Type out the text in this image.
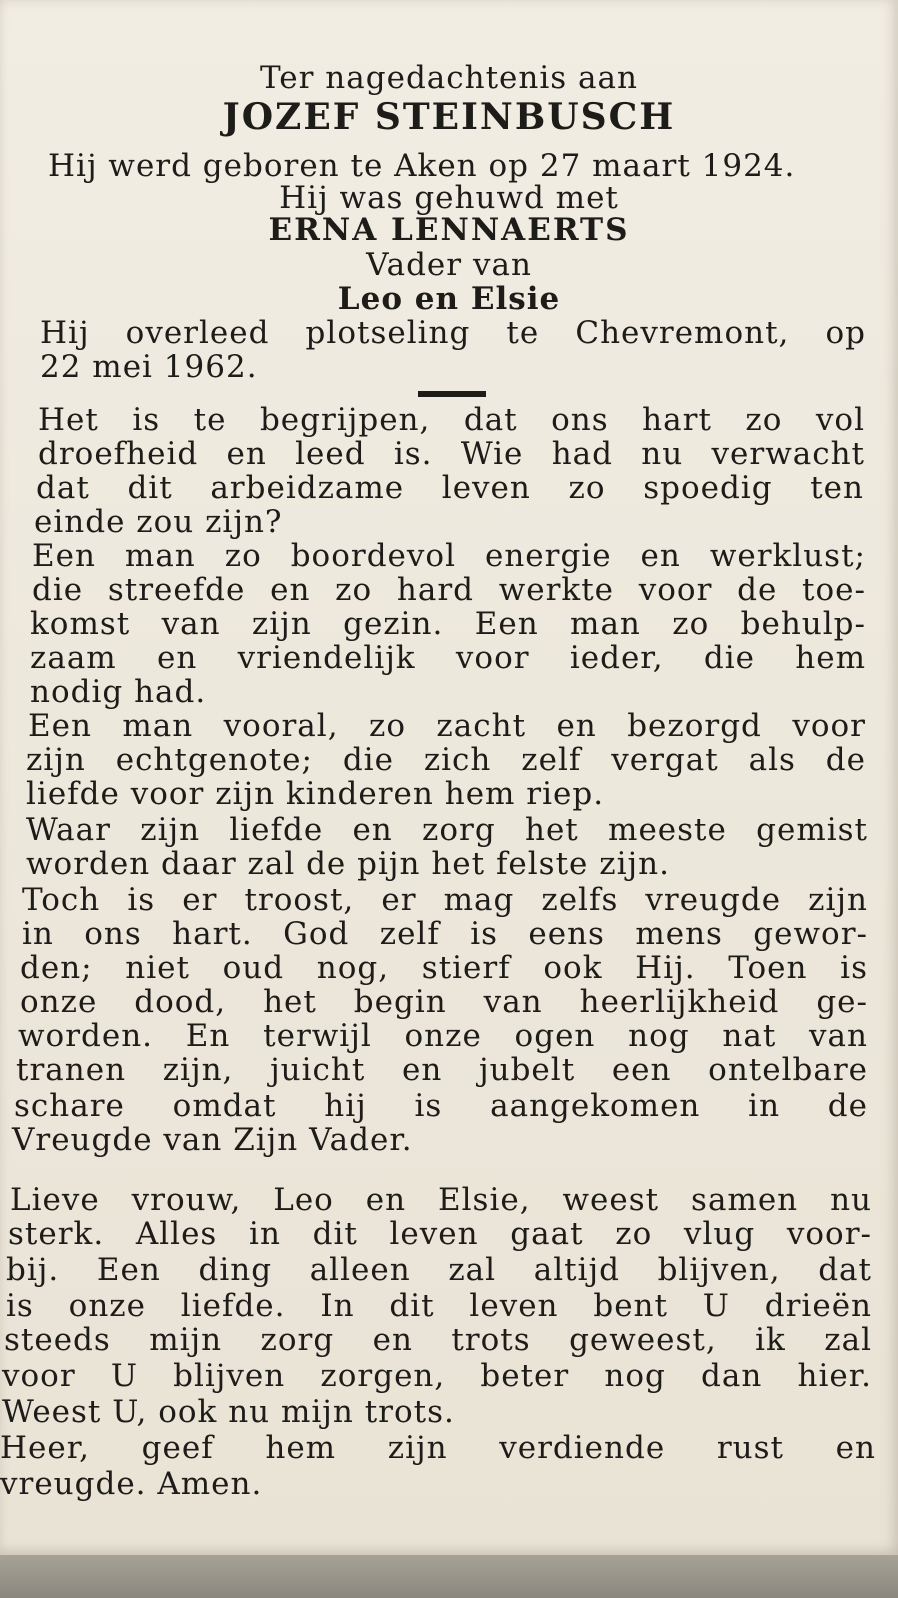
Ter nagedachtenis aan
JOZEF STEINBUSCH
Hij werd geboren te Aken op 27 maart 1924.
Hij was gehuwd met
ERNA LENNAERTS
Vader van
Leo en Elsie
Hij overleed plotseling te Chevremont, op
22 mei 1962.
Het is te begrijpen, dat ons hart zo vol
droefheid en leed is. Wie had nu verwacht
dat dit arbeidzame leven zo spoedig ten
einde zou zijn?
Een man zo boordevol energie en werklust;
die streefde en zo hard werkte voor de toe-
komst van zijn gezin. Een man zo behulp-
zaam en vriendelijk voor ieder, die hem
nodig had.
Een man vooral, zo zacht en bezorgd voor
zijn echtgenote; die zich zelf vergat als de
liefde voor zijn kinderen hem riep.
Waar zijn liefde en zorg het meeste gemist
worden daar zal de pijn het felste zijn.
Toch is er troost, er mag zelfs vreugde zijn
in ons hart. God zelf is eens mens gewor-
den; niet oud nog, stierf ook Hij. Toen is
onze dood, het begin van heerlijkheid ge-
worden. En terwijl onze ogen nog nat van
tranen zijn, juicht en jubelt een ontelbare
schare omdat hij is aangekomen in de
Vreugde van Zijn Vader.
Lieve vrouw, Leo en Elsie, weest samen nu
sterk. Alles in dit leven gaat zo vlug voor-
bij. Een ding alleen zal altijd blijven, dat
is onze liefde. In dit leven bent U drieën
steeds mijn zorg en trots geweest, ik zal
voor U blijven zorgen, beter nog dan hier.
Weest U, ook nu mijn trots.
Heer, geef hem zijn verdiende rust en
vreugde. Amen.
